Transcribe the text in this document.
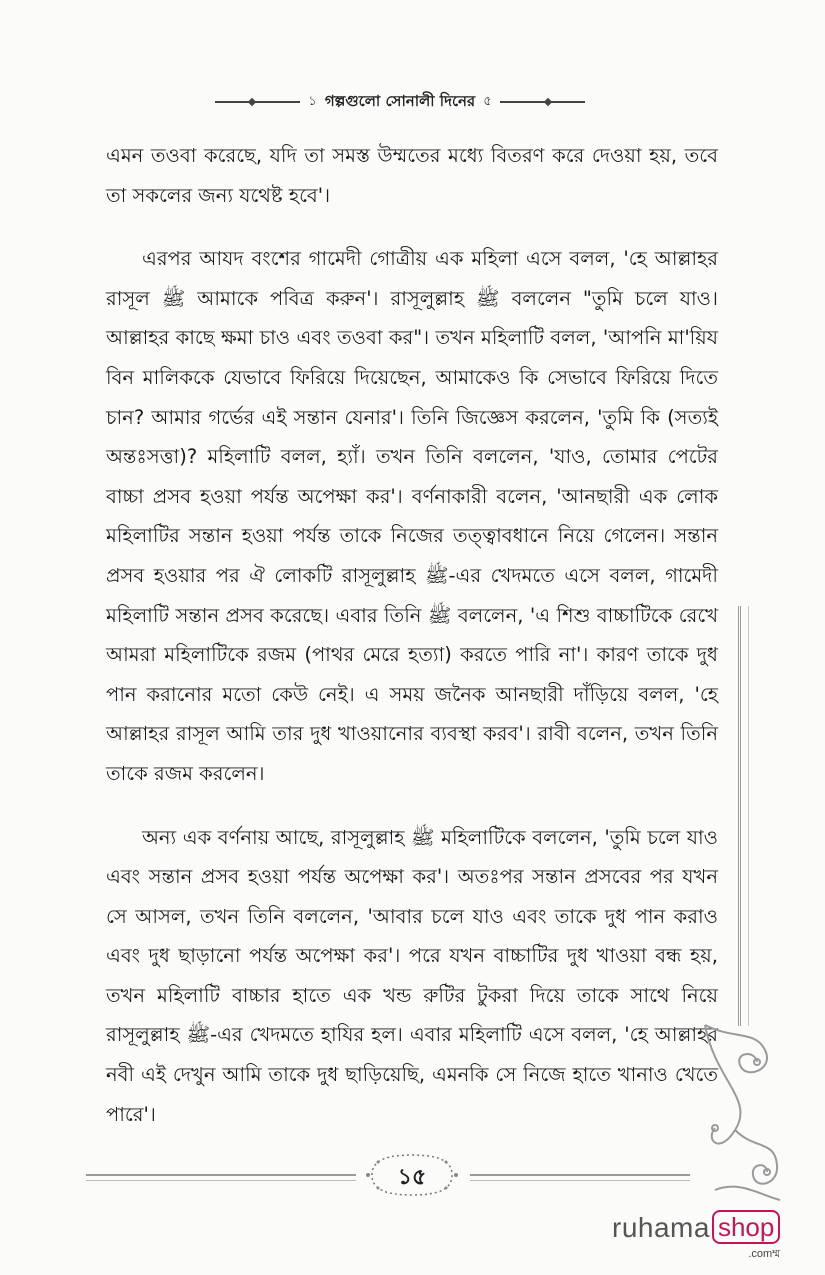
১ গল্পগুলো সোনালী দিনের ৫

এমন তওবা করেছে, যদি তা সমস্ত উম্মতের মধ্যে বিতরণ করে দেওয়া হয়, তবে তা সকলের জন্য যথেষ্ট হবে'।

এরপর আযদ বংশের গামেদী গোত্রীয় এক মহিলা এসে বলল, 'হে আল্লাহর রাসূল ﷺ আমাকে পবিত্র করুন'। রাসূলুল্লাহ ﷺ বললেন "তুমি চলে যাও। আল্লাহর কাছে ক্ষমা চাও এবং তওবা কর"। তখন মহিলাটি বলল, 'আপনি মা'য়িয বিন মালিককে যেভাবে ফিরিয়ে দিয়েছেন, আমাকেও কি সেভাবে ফিরিয়ে দিতে চান? আমার গর্ভের এই সন্তান যেনার'। তিনি জিজ্ঞেস করলেন, 'তুমি কি (সত্যই অন্তঃসত্তা)? মহিলাটি বলল, হ্যাঁ। তখন তিনি বললেন, 'যাও, তোমার পেটের বাচ্চা প্রসব হওয়া পর্যন্ত অপেক্ষা কর'। বর্ণনাকারী বলেন, 'আনছারী এক লোক মহিলাটির সন্তান হওয়া পর্যন্ত তাকে নিজের তত্ত্বাবধানে নিয়ে গেলেন। সন্তান প্রসব হওয়ার পর ঐ লোকটি রাসূলুল্লাহ ﷺ-এর খেদমতে এসে বলল, গামেদী মহিলাটি সন্তান প্রসব করেছে। এবার তিনি ﷺ বললেন, 'এ শিশু বাচ্চাটিকে রেখে আমরা মহিলাটিকে রজম (পাথর মেরে হত্যা) করতে পারি না'। কারণ তাকে দুধ পান করানোর মতো কেউ নেই। এ সময় জনৈক আনছারী দাঁড়িয়ে বলল, 'হে আল্লাহর রাসূল আমি তার দুধ খাওয়ানোর ব্যবস্থা করব'। রাবী বলেন, তখন তিনি তাকে রজম করলেন।

অন্য এক বর্ণনায় আছে, রাসূলুল্লাহ ﷺ মহিলাটিকে বললেন, 'তুমি চলে যাও এবং সন্তান প্রসব হওয়া পর্যন্ত অপেক্ষা কর'। অতঃপর সন্তান প্রসবের পর যখন সে আসল, তখন তিনি বললেন, 'আবার চলে যাও এবং তাকে দুধ পান করাও এবং দুধ ছাড়ানো পর্যন্ত অপেক্ষা কর'। পরে যখন বাচ্চাটির দুধ খাওয়া বন্ধ হয়, তখন মহিলাটি বাচ্চার হাতে এক খন্ড রুটির টুকরা দিয়ে তাকে সাথে নিয়ে রাসূলুল্লাহ ﷺ-এর খেদমতে হাযির হল। এবার মহিলাটি এসে বলল, 'হে আল্লাহর নবী এই দেখুন আমি তাকে দুধ ছাড়িয়েছি, এমনকি সে নিজে হাতে খানাও খেতে পারে'।

১৫
ruhama shop
.comম্ম
